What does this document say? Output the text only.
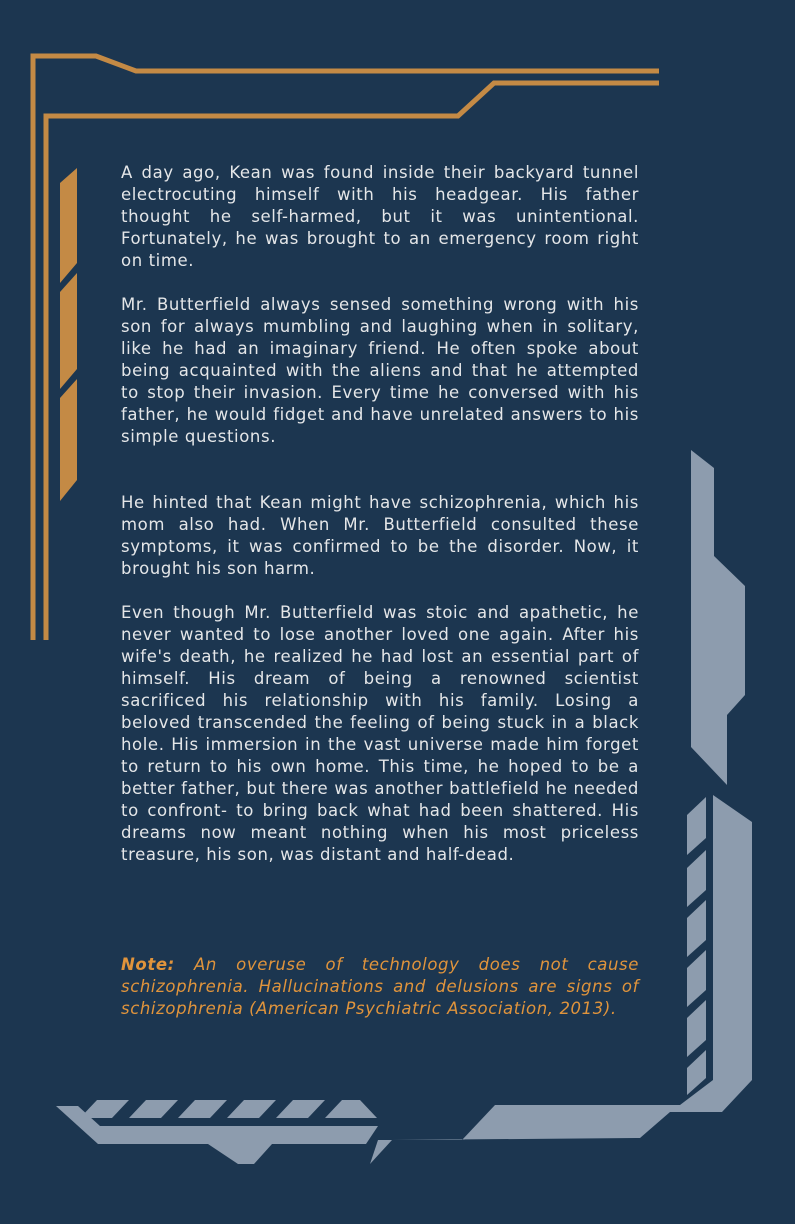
A day ago, Kean was found inside their backyard tunnel electrocuting himself with his headgear. His father thought he self-harmed, but it was unintentional. Fortunately, he was brought to an emergency room right on time.

Mr. Butterfield always sensed something wrong with his son for always mumbling and laughing when in solitary, like he had an imaginary friend. He often spoke about being acquainted with the aliens and that he attempted to stop their invasion. Every time he conversed with his father, he would fidget and have unrelated answers to his simple questions.

He hinted that Kean might have schizophrenia, which his mom also had. When Mr. Butterfield consulted these symptoms, it was confirmed to be the disorder. Now, it brought his son harm.

Even though Mr. Butterfield was stoic and apathetic, he never wanted to lose another loved one again. After his wife's death, he realized he had lost an essential part of himself. His dream of being a renowned scientist sacrificed his relationship with his family. Losing a beloved transcended the feeling of being stuck in a black hole. His immersion in the vast universe made him forget to return to his own home. This time, he hoped to be a better father, but there was another battlefield he needed to confront- to bring back what had been shattered. His dreams now meant nothing when his most priceless treasure, his son, was distant and half-dead.

Note: An overuse of technology does not cause schizophrenia. Hallucinations and delusions are signs of schizophrenia (American Psychiatric Association, 2013).
